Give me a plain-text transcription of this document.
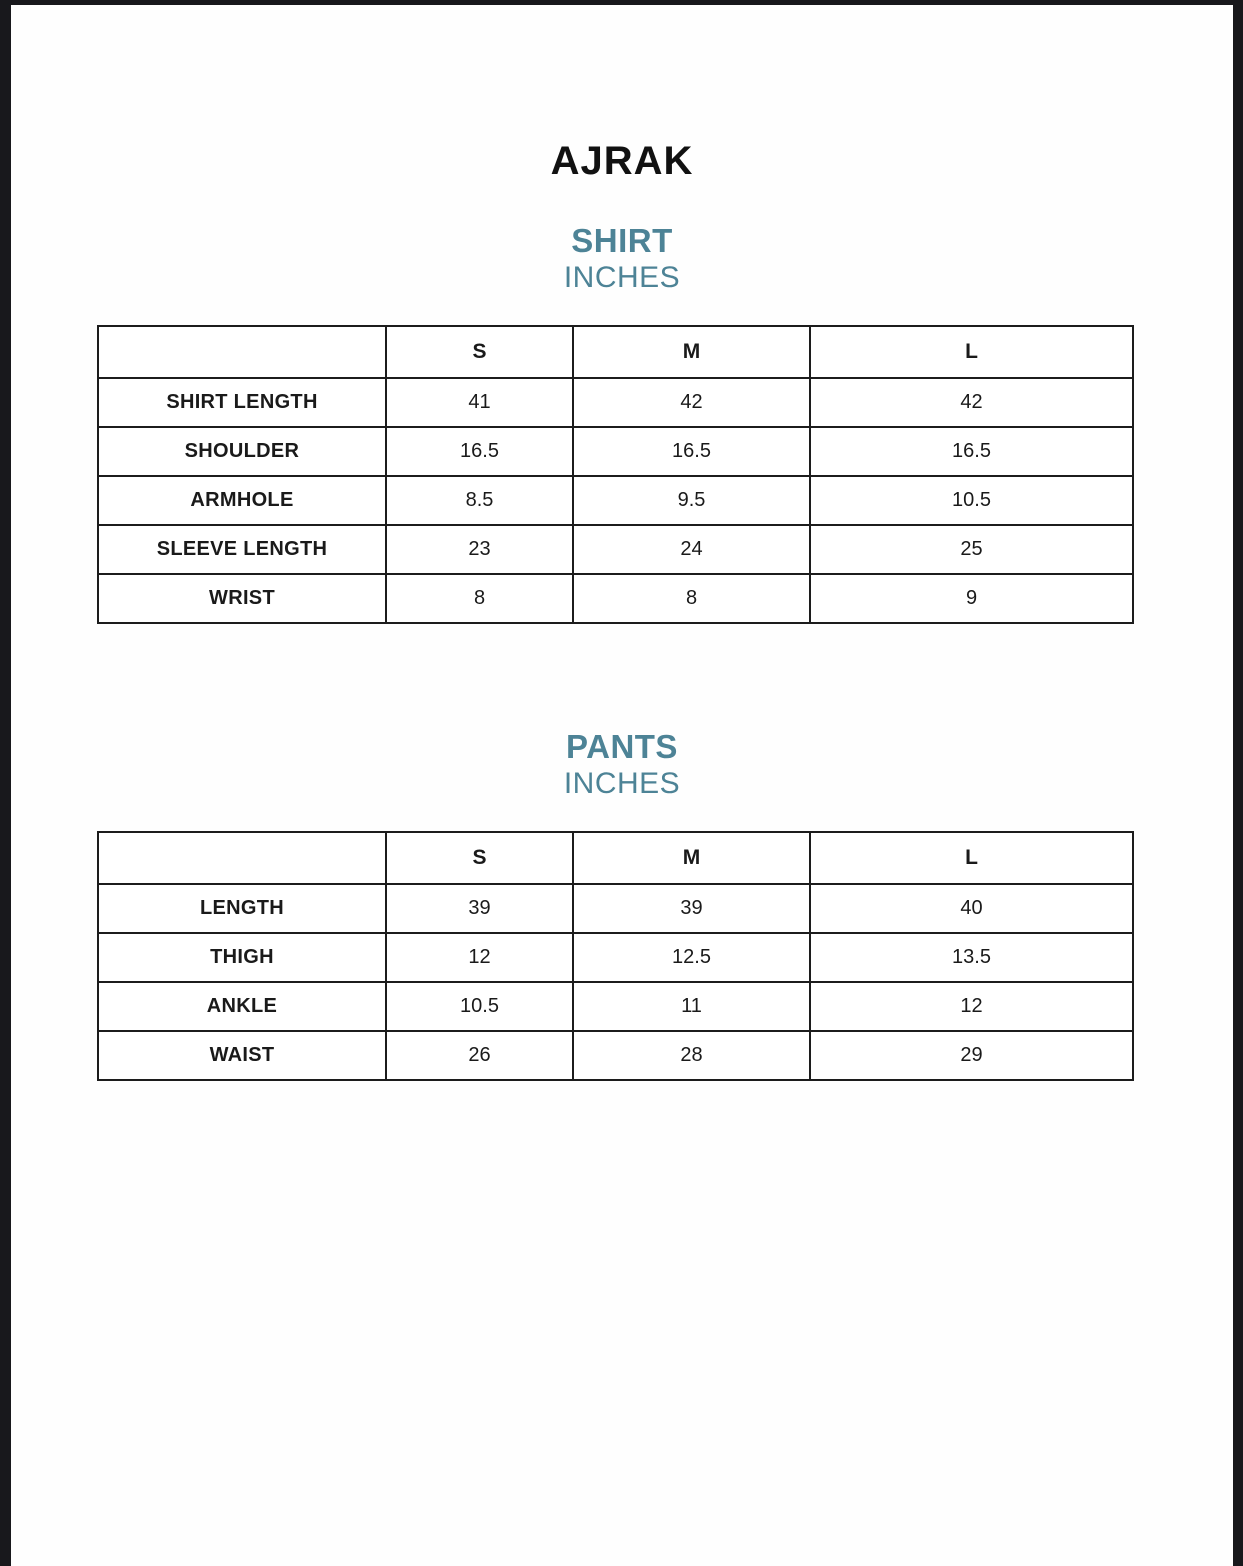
AJRAK
SHIRT
INCHES
	S	M	L
SHIRT LENGTH	41	42	42
SHOULDER	16.5	16.5	16.5
ARMHOLE	8.5	9.5	10.5
SLEEVE LENGTH	23	24	25
WRIST	8	8	9
PANTS
INCHES
	S	M	L
LENGTH	39	39	40
THIGH	12	12.5	13.5
ANKLE	10.5	11	12
WAIST	26	28	29
